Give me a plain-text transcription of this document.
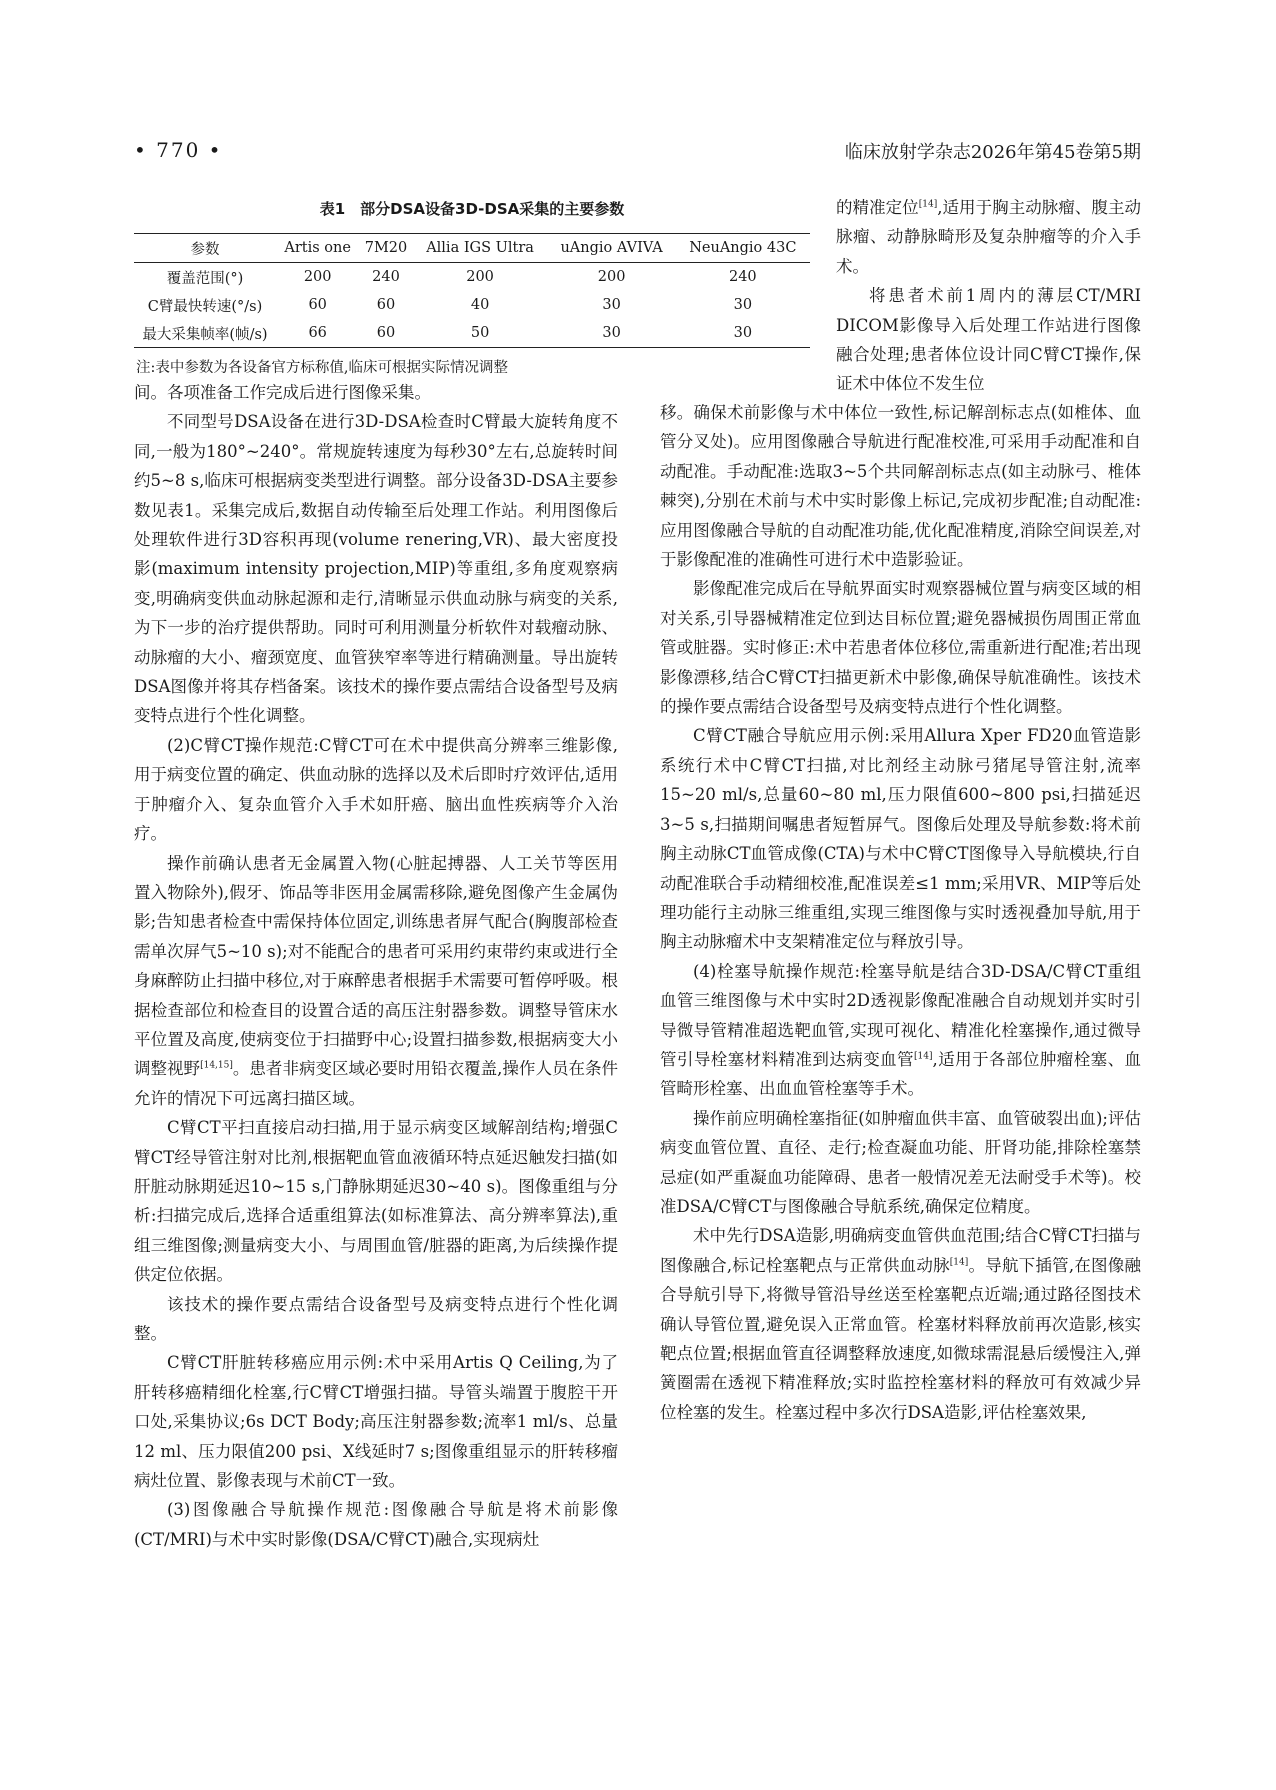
• 770 •	临床放射学杂志2026年第45卷第5期
表1　部分DSA设备3D-DSA采集的主要参数
参数	Artis one	7M20	Allia IGS Ultra	uAngio AVIVA	NeuAngio 43C
覆盖范围(°)	200	240	200	200	240
C臂最快转速(°/s)	60	60	40	30	30
最大采集帧率(帧/s)	66	60	50	30	30
注:表中参数为各设备官方标称值,临床可根据实际情况调整

间。各项准备工作完成后进行图像采集。

不同型号DSA设备在进行3D-DSA检查时C臂最大旋转角度不同,一般为180°~240°。常规旋转速度为每秒30°左右,总旋转时间约5~8 s,临床可根据病变类型进行调整。部分设备3D-DSA主要参数见表1。采集完成后,数据自动传输至后处理工作站。利用图像后处理软件进行3D容积再现(volume renering,VR)、最大密度投影(maximum intensity projection,MIP)等重组,多角度观察病变,明确病变供血动脉起源和走行,清晰显示供血动脉与病变的关系,为下一步的治疗提供帮助。同时可利用测量分析软件对载瘤动脉、动脉瘤的大小、瘤颈宽度、血管狭窄率等进行精确测量。导出旋转DSA图像并将其存档备案。该技术的操作要点需结合设备型号及病变特点进行个性化调整。

(2)C臂CT操作规范:C臂CT可在术中提供高分辨率三维影像,用于病变位置的确定、供血动脉的选择以及术后即时疗效评估,适用于肿瘤介入、复杂血管介入手术如肝癌、脑出血性疾病等介入治疗。

操作前确认患者无金属置入物(心脏起搏器、人工关节等医用置入物除外),假牙、饰品等非医用金属需移除,避免图像产生金属伪影;告知患者检查中需保持体位固定,训练患者屏气配合(胸腹部检查需单次屏气5~10 s);对不能配合的患者可采用约束带约束或进行全身麻醉防止扫描中移位,对于麻醉患者根据手术需要可暂停呼吸。根据检查部位和检查目的设置合适的高压注射器参数。调整导管床水平位置及高度,使病变位于扫描野中心;设置扫描参数,根据病变大小调整视野[14,15]。患者非病变区域必要时用铅衣覆盖,操作人员在条件允许的情况下可远离扫描区域。

C臂CT平扫直接启动扫描,用于显示病变区域解剖结构;增强C臂CT经导管注射对比剂,根据靶血管血液循环特点延迟触发扫描(如肝脏动脉期延迟10~15 s,门静脉期延迟30~40 s)。图像重组与分析:扫描完成后,选择合适重组算法(如标准算法、高分辨率算法),重组三维图像;测量病变大小、与周围血管/脏器的距离,为后续操作提供定位依据。

该技术的操作要点需结合设备型号及病变特点进行个性化调整。

C臂CT肝脏转移癌应用示例:术中采用Artis Q Ceiling,为了肝转移癌精细化栓塞,行C臂CT增强扫描。导管头端置于腹腔干开口处,采集协议;6s DCT Body;高压注射器参数;流率1 ml/s、总量12 ml、压力限值200 psi、X线延时7 s;图像重组显示的肝转移瘤病灶位置、影像表现与术前CT一致。

(3)图像融合导航操作规范:图像融合导航是将术前影像(CT/MRI)与术中实时影像(DSA/C臂CT)融合,实现病灶

的精准定位[14],适用于胸主动脉瘤、腹主动脉瘤、动静脉畸形及复杂肿瘤等的介入手术。

将患者术前1周内的薄层CT/MRI DICOM影像导入后处理工作站进行图像融合处理;患者体位设计同C臂CT操作,保证术中体位不发生位

移。确保术前影像与术中体位一致性,标记解剖标志点(如椎体、血管分叉处)。应用图像融合导航进行配准校准,可采用手动配准和自动配准。手动配准:选取3~5个共同解剖标志点(如主动脉弓、椎体棘突),分别在术前与术中实时影像上标记,完成初步配准;自动配准:应用图像融合导航的自动配准功能,优化配准精度,消除空间误差,对于影像配准的准确性可进行术中造影验证。

影像配准完成后在导航界面实时观察器械位置与病变区域的相对关系,引导器械精准定位到达目标位置;避免器械损伤周围正常血管或脏器。实时修正:术中若患者体位移位,需重新进行配准;若出现影像漂移,结合C臂CT扫描更新术中影像,确保导航准确性。该技术的操作要点需结合设备型号及病变特点进行个性化调整。

C臂CT融合导航应用示例:采用Allura Xper FD20血管造影系统行术中C臂CT扫描,对比剂经主动脉弓猪尾导管注射,流率15~20 ml/s,总量60~80 ml,压力限值600~800 psi,扫描延迟3~5 s,扫描期间嘱患者短暂屏气。图像后处理及导航参数:将术前胸主动脉CT血管成像(CTA)与术中C臂CT图像导入导航模块,行自动配准联合手动精细校准,配准误差≤1 mm;采用VR、MIP等后处理功能行主动脉三维重组,实现三维图像与实时透视叠加导航,用于胸主动脉瘤术中支架精准定位与释放引导。

(4)栓塞导航操作规范:栓塞导航是结合3D-DSA/C臂CT重组血管三维图像与术中实时2D透视影像配准融合自动规划并实时引导微导管精准超选靶血管,实现可视化、精准化栓塞操作,通过微导管引导栓塞材料精准到达病变血管[14],适用于各部位肿瘤栓塞、血管畸形栓塞、出血血管栓塞等手术。

操作前应明确栓塞指征(如肿瘤血供丰富、血管破裂出血);评估病变血管位置、直径、走行;检查凝血功能、肝肾功能,排除栓塞禁忌症(如严重凝血功能障碍、患者一般情况差无法耐受手术等)。校准DSA/C臂CT与图像融合导航系统,确保定位精度。

术中先行DSA造影,明确病变血管供血范围;结合C臂CT扫描与图像融合,标记栓塞靶点与正常供血动脉[14]。导航下插管,在图像融合导航引导下,将微导管沿导丝送至栓塞靶点近端;通过路径图技术确认导管位置,避免误入正常血管。栓塞材料释放前再次造影,核实靶点位置;根据血管直径调整释放速度,如微球需混悬后缓慢注入,弹簧圈需在透视下精准释放;实时监控栓塞材料的释放可有效减少异位栓塞的发生。栓塞过程中多次行DSA造影,评估栓塞效果,
